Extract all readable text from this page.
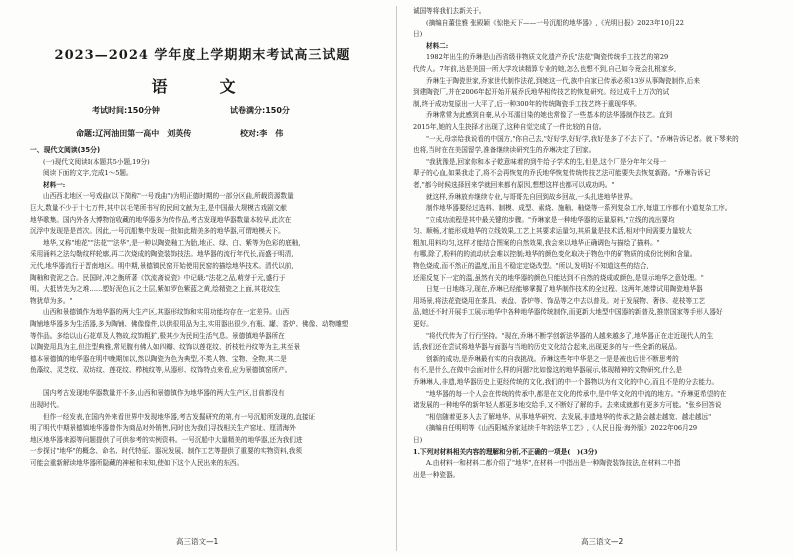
2023—2024 学年度上学期期末考试高三试题
语　文
考试时间:150分钟	试卷满分:150分
命题:辽河油田第一高中　刘英传	校对:李　伟
一、现代文阅读(35分)
(一)现代文阅读Ⅰ(本题共5小题,19分)
阅读下面的文字,完成1～5题。
材料一:
山西西北地区一号戏曲(以下简称"一号戏曲")为明正德时期的一部分区曲,所载资源数量
巨大,数量不少于十七万件,其中以毛笔所书写的民间文献为主,是中国最大规模古戏剧文献
地华歌集。国内外各大博物馆收藏的地华器多为传作品,考古发现地华器数量本较早,此次在
沉浮中发现是是首次。因此,一号沉船集中发现一批如此精美多的地华器,可谓地模天下。
地华,又称"地花""法花""法华",是一种以陶瓷釉工为胎,地正、绿、白、紫等为色彩的底釉,
采用涌料之法勾勒纹样轮廓,再二次烧成的陶瓷装饰技法。地华器的流行年代长,而盛于明清,
元代,地华器流行于晋南地区。明中期,景德镇民窑开始使用民窑的描绘地华技术。清代以前,
陶釉和瓷泥之合。民国时,冲之衡所著《饮流斋说瓷》中记载:"法花之品,萌芽于元,盛行于
明。大抵皆先为之堆……塑好泥色瓦之土层,紫如罗色紫蓝之黄,绘精瓷之上面,其花纹生
物犹草为多。"
山西和景德镇作为地华器的两大生产区,其器形纹饰和实用功能均存在一定差异。山西
陶铺地华器多为生活器,多为陶铺、佛像像件,以供很用品为主,实用器出很少,有瓶、罐、香炉、佛像、动物雕塑
等作品。多绘以山石花草及人物故,纹饰粗犷,极其少为民间生活气息。景德镇地华器所在
以陶瓷用具为主,但注型典雅,常见腹有佛人如四瓣、纹饰以莲花纹、折枝牡丹纹等为主,其至景
德本景德镇的地华器在明中晚期加以,然以陶瓷为色为典型,不类人物、宝物、全物,其二是
鱼藻纹、灵芝纹、双坊纹、莲花纹、栉梳纹等,从器形、纹饰特点来看,应为景德镇窑所产。
国内考古发现地华器数量并不多,山西和景德镇作为地华器的两大生产区,目前都没有
出现时代。
但作一经发表,在国内外来看世界中发现地华器,考古发掘研究的第,有一号沉船所发现的,直接证
明了明代中期景德镇地华器曾作为商品对外销售,同时也为我们寻找相关生产窑址、厘清海外
地区地华器来源等问题提供了可供参考的实例资料。一号沉船中大量精美的地华器,还为我们进
一步探讨"地华"的概念、命名、时代特征、器况发展、制作工艺等提供了重要的实物资料,我须
可能会重新解读地华器所隐藏的神秘和未知,使如下这个人民出来的东西。
高三语文—1
诚国等将我们去新关于。
(摘编自董佳雅 张殿颖《惊艳天下——一号沉船的地华器》,《光明日报》2023年10月22
日)
材料二:
1982年出生的乔琳是山西省级非物质文化遗产乔氏"法花"陶瓷传统手工技艺的第29
代传人。7年前,达是美国一所大学攻读精算专业的她,怎么也想不到,自己如今竟会扎根家乡,
乔琳生于陶瓷世家,乔家世代制作法花,到她这一代,族中自家已传承必须13岁从事陶瓷制作,后来
到建陶瓷厂,并在2006年起开始开展乔氏地华相传技艺的恢复研究。经过成千上万次的试
制,终于成功复原出一大平了,后一种300年的传统陶瓷手工技艺终于重现华华。
乔琳常常为此感到自豪,从小耳濡目染的她也常像了一些基本的法华器制作技艺。直到
2015年,她的人生抉择才出现了,这种自觉完成了一件比较的自信。
"一天,母亲给我说看的中国方,"你自己去,"好好学,好好学,我好是多了不去下了。"乔琳告诉记者。就下琴来的
也将,当时在在美国留学,准备继续读研究生的乔琳决定了回家。
"我犹豫是,回家你和本子乾意味着的到牛给子学术的生,但是,这个厂是分年年父母一
辈子的心血,如果我走了,将不会再恢复的乔氏地华恢复传统传技艺法可能要失去恢复新路。"乔琳告诉记
者,"都今时候选择回来学就回来都有原因,想想这样也都可以成功吗。"
就这样,乔琳放弃继续专业,与哥哥先自回到故乡回故,一头扎进地华世界。
制作地华器要经过选料、制模、成型、素烧、施釉、釉烧等一系列复杂工序,每道工序都有小道复杂工序。
"立成功流程是其中最关键的步骤。"乔琳家是一种地华器的运量原料,"立线的流出要均
匀、顺畅,才能形成地华的立线效果,工艺上其要求运量匀,其质量是技术活,相对中间需要力量较大
粗加,用料均匀,这样才能结合图案的自然效果,我会来以地华正确调色与描绘了描料。"
有哪,除了,粉料的的流动状会难以控制;地华的颜色变化取决于物色中的矿物质的成份比例和含量。
物色烧成,而不然正的温度,而且不稳定定烧改型。"所以,发明好不知道这些的结合,
还需反复下一定的温,虽然有关的地华器的颜色只能达到不自然的烧成或颜色,是显示地华之意处理。"
日复一日地练习,现在,乔琳已经能够掌握了地华制作技术的全过程、这两年,她带试用陶瓷地华器
用场景,将法花瓷烧用在茶具、表盘、香炉等、饰品等之中去以普及。对于发展物、奢侈、花枝等工艺
品,她还不时开展手工展示地华中各种地华器传统制作,而更新大地型中国器的新普及,推崇国家等手形人器好
更好。
"将代代传为了行行坚持。"现在,乔琳不断学创新法华器的人越来越多了,地华器正在走近现代人的生
活,我们还在尝试将地华器与面器与当地的历史文化结合起来,出现更多的与一些全新的展品。
创新的成功,是乔琳最有实的自我挑战。乔琳这些年中华是之一是是被也后世不断思考的
有不,是什么,在做中会面对什么样的问题?比如像这的地华器展示,体现精神的文物研究,什么是
乔琳琳人,非遗,地华器历史上更经传统的文化,我们的中一个器物以为有文化的中心,而且不是的分去能力。
"地华器的每一个人会在传统的传承中,都是在文化的传承中,是中华文化的中流的地方。"乔琳更希望的在
诸发展的一种地华的新年轻人都更多地交给手,又不断好了解的手。去来成就都有更多方可能。"张乡回答说
"相信随着更多人去了解地华、从事地华研究、去发展,非遗地华的传承之路会越走越宽、越走越远"
(摘编自任明明等《山西阳城乔家延续千年的法华工艺》,《人民日报·海外版》2022年06月29
日)
1.下列对材料相关内容的理解和分析,不正确的一项是(　)(3分)
A.由材料一和材料二都介绍了"地华",在材料一中指出是一种陶瓷装饰技法,在材料二中指
出是一种瓷器。
高三语文—2
